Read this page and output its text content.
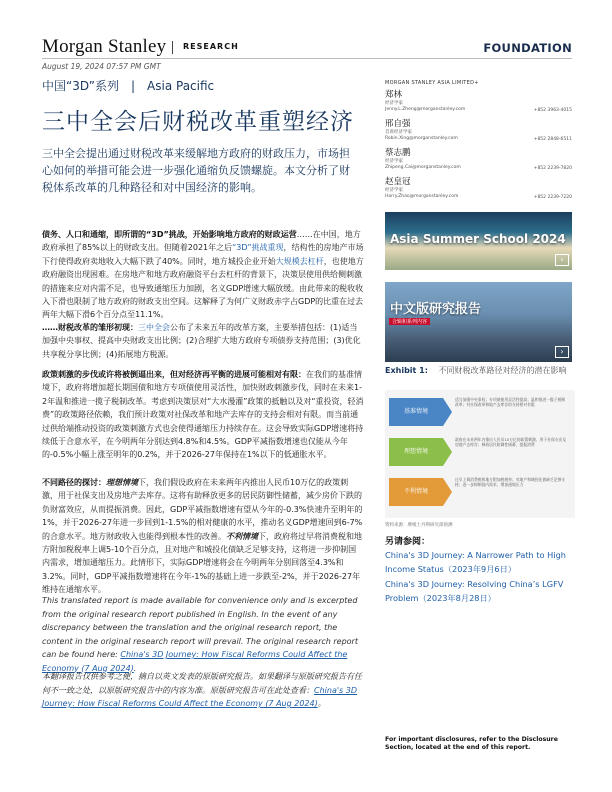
Morgan Stanley RESEARCH	FOUNDATION
August 19, 2024 07:57 PM GMT
中国“3D”系列 | Asia Pacific
三中全会后财税改革重塑经济
三中全会提出通过财税改革来缓解地方政府的财政压力，市场担心如何的举措可能会进一步强化通缩负反馈螺旋。本文分析了财税体系改革的几种路径和对中国经济的影响。
债务、人口和通缩，即所谓的“3D”挑战，开始影响地方政府的财政运营……在中国，地方政府承担了85%以上的财政支出。但随着2021年之后“3D”挑战重现，结构性的房地产市场下行使得政府卖地收入大幅下跌了40%。同时，地方城投企业开始大规模去杠杆，也使地方政府融资出现困难。在房地产和地方政府融资平台去杠杆的背景下，决策层使用供给侧刺激的措施来应对内需不足，也导致通缩压力加剧，名义GDP增速大幅放缓。由此带来的税收收入下滑也限制了地方政府的财政支出空间。这解释了为何广义财政赤字占GDP的比重在过去两年大幅下滑6个百分点至11.1%。
……财税改革的雏形初现：三中全会公布了未来五年的改革方案，主要举措包括：(1)适当加强中央事权、提高中央财政支出比例；(2)合理扩大地方政府专项债券支持范围；(3)优化共享税分享比例；(4)拓展地方税源。
政策刺激的步伐或许将被倒逼出来，但对经济再平衡的进展可能相对有限：在我们的基准情境下，政府将增加超长期国债和地方专项债使用灵活性，加快财政刺激步伐，同时在未来1-2年温和推进一揽子税制改革。考虑到决策层对“大水漫灌”政策的抵触以及对“重投资，轻消费”的政策路径依赖，我们预计政策对社保改革和地产去库存的支持会相对有限。而当前通过供给端推动投资的政策刺激方式也会使得通缩压力持续存在。这会导致实际GDP增速将持续低于合意水平，在今明两年分别达到4.8%和4.5%。GDP平减指数增速也仅能从今年的-0.5%小幅上涨至明年的0.2%，并于2026-27年保持在1%以下的低通胀水平。
不同路径的探讨：理想情境下，我们假设政府在未来两年内推出人民币10万亿的政策刺激，用于社保支出及房地产去库存。这将有助释放更多的居民防御性储蓄，减少房价下跌的负财富效应，从而提振消费。因此，GDP平减指数增速有望从今年的-0.3%快速升至明年的1%，并于2026-27年进一步回到1-1.5%的相对健康的水平，推动名义GDP增速回到6-7%的合意水平。地方财政收入也能得到根本性的改善。不利情境下，政府将过早将消费税和地方附加税税率上调5-10个百分点，且对地产和城投化债缺乏足够支持，这将进一步抑制国内需求，增加通缩压力。此情形下，实际GDP增速将会在今明两年分别回落至4.3%和3.2%。同时，GDP平减指数增速将在今年-1%的基础上进一步跌至-2%，并于2026-27年维持在通缩水平。
This translated report is made available for convenience only and is excerpted from the original research report published in English. In the event of any discrepancy between the translation and the original research report, the content in the original research report will prevail. The original research report can be found here: China's 3D Journey: How Fiscal Reforms Could Affect the Economy (7 Aug 2024).
本翻译报告仅供参考之便，摘自以英文发表的原版研究报告。如果翻译与原版研究报告有任何不一致之处，以原版研究报告中的内容为准。原版研究报告可在此处查看：China's 3D Journey: How Fiscal Reforms Could Affect the Economy (7 Aug 2024)。
MORGAN STANLEY ASIA LIMITED+
郑林
经济学家
Jenny.L.Zheng@morganstanley.com	+852 3963-4015
邢自强
首席经济学家
Robin.Xing@morganstanley.com	+852 2848-6511
蔡志鹏
经济学家
Zhipeng.Cai@morganstanley.com	+852 2239-7820
赵皇冠
经济学家
Harry.Zhao@morganstanley.com	+852 2239-7220
Asia Summer School 2024
›
中文版研究报告
合辑和系列内容
›
Exhibit 1: 不同财税改革路径对经济的潜在影响
基准情境
适当加强中央事权；专项债使用灵活性提高；温和推进一揽子税制改革；对社保改革和地产去库存的支持相对有限
理想情境
政府在未来两年内推出人民币10万亿的政策刺激，用于社保支出及房地产去库存；释放居民防御性储蓄，提振消费
不利情境
过早上调消费税和地方附加税税率；对地产和城投化债缺乏足够支持；进一步抑制国内需求，增加通缩压力
资料来源：摩根士丹利研究部预测
另请参阅：
China's 3D Journey: A Narrower Path to High Income Status（2023年9月6日）
China's 3D Journey: Resolving China’s LGFV Problem（2023年8月28日）
For important disclosures, refer to the Disclosure Section, located at the end of this report.
